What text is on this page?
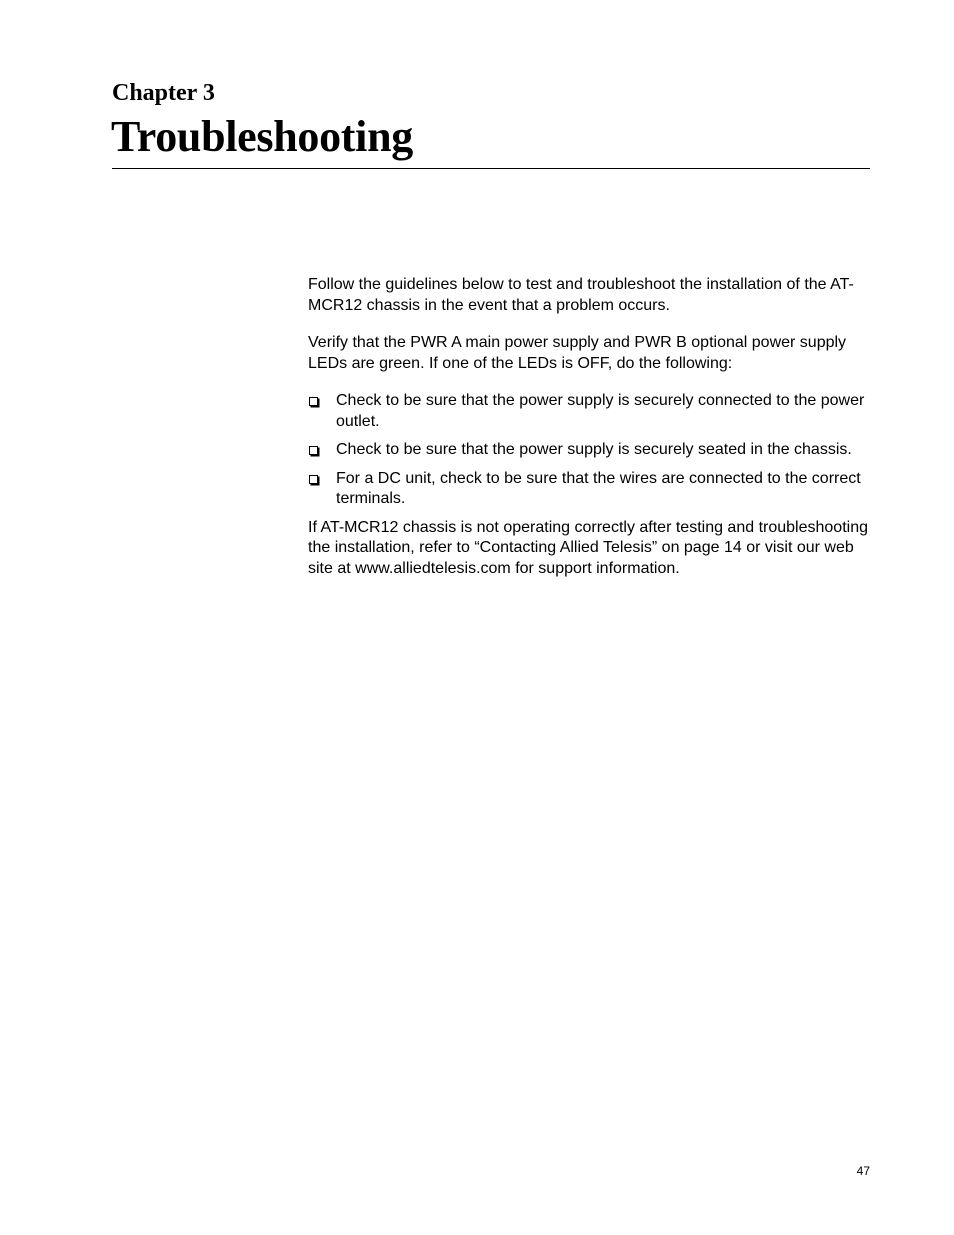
Chapter 3
Troubleshooting

Follow the guidelines below to test and troubleshoot the installation of the AT-MCR12 chassis in the event that a problem occurs.

Verify that the PWR A main power supply and PWR B optional power supply LEDs are green. If one of the LEDs is OFF, do the following:

Check to be sure that the power supply is securely connected to the power outlet.
Check to be sure that the power supply is securely seated in the chassis.
For a DC unit, check to be sure that the wires are connected to the correct terminals.

If AT-MCR12 chassis is not operating correctly after testing and troubleshooting the installation, refer to “Contacting Allied Telesis” on page 14 or visit our web site at www.alliedtelesis.com for support information.

47
